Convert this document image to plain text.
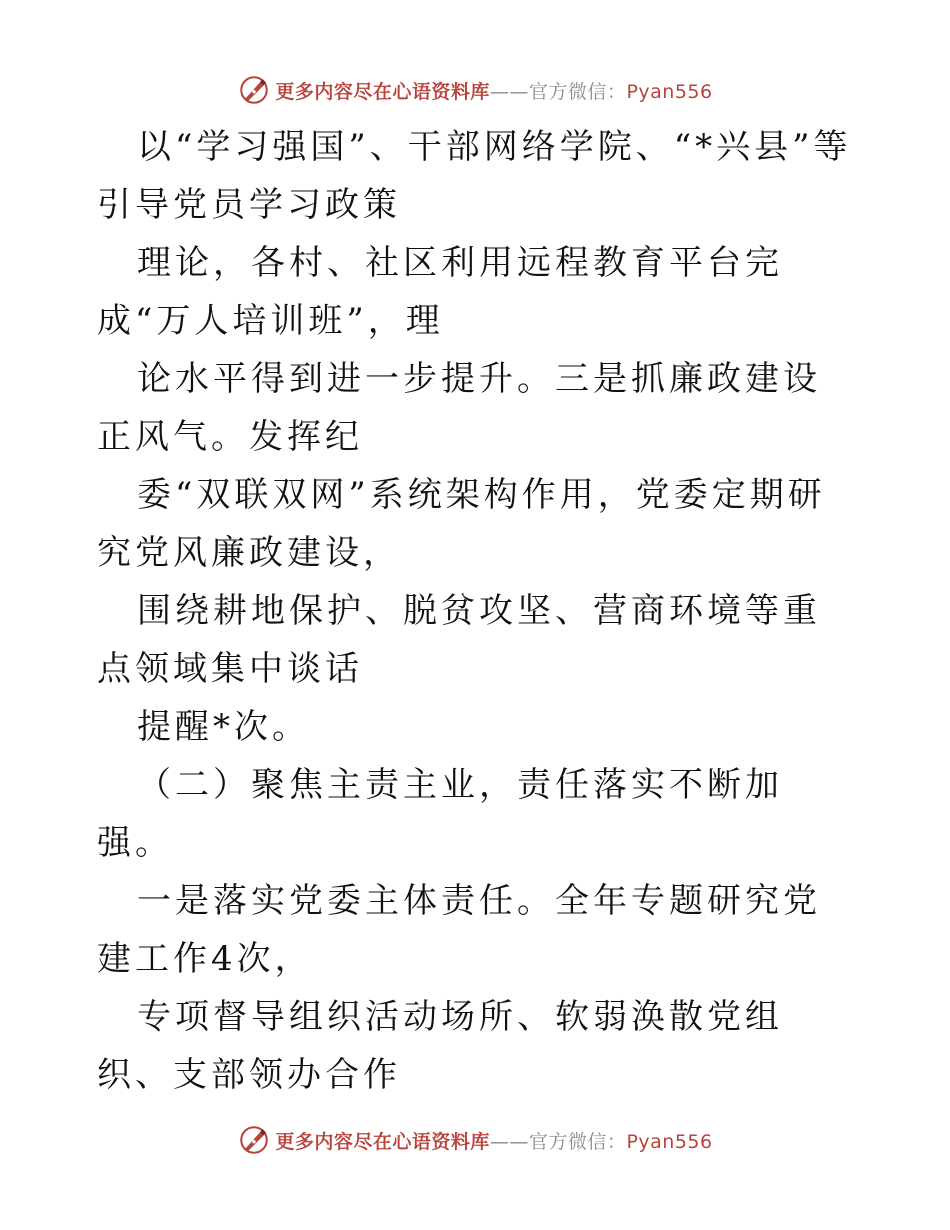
更多内容尽在心语资料库——官方微信：Pyan556

以“学习强国”、干部网络学院、“*兴县”等引导党员学习政策

理论，各村、社区利用远程教育平台完成“万人培训班”，理

论水平得到进一步提升。三是抓廉政建设正风气。发挥纪

委“双联双网”系统架构作用，党委定期研究党风廉政建设，

围绕耕地保护、脱贫攻坚、营商环境等重点领域集中谈话

提醒*次。

（二）聚焦主责主业，责任落实不断加强。

一是落实党委主体责任。全年专题研究党建工作4次，

专项督导组织活动场所、软弱涣散党组织、支部领办合作

更多内容尽在心语资料库——官方微信：Pyan556
